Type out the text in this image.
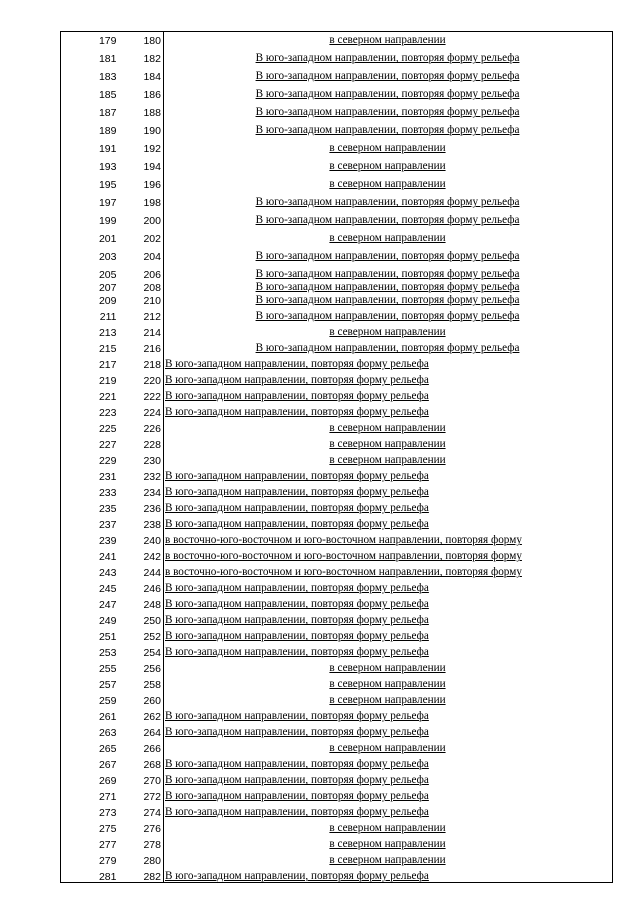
179	180	в северном направлении
181	182	В юго-западном направлении, повторяя форму рельефа
183	184	В юго-западном направлении, повторяя форму рельефа
185	186	В юго-западном направлении, повторяя форму рельефа
187	188	В юго-западном направлении, повторяя форму рельефа
189	190	В юго-западном направлении, повторяя форму рельефа
191	192	в северном направлении
193	194	в северном направлении
195	196	в северном направлении
197	198	В юго-западном направлении, повторяя форму рельефа
199	200	В юго-западном направлении, повторяя форму рельефа
201	202	в северном направлении
203	204	В юго-западном направлении, повторяя форму рельефа
205	206	В юго-западном направлении, повторяя форму рельефа
207	208	В юго-западном направлении, повторяя форму рельефа
209	210	В юго-западном направлении, повторяя форму рельефа
211	212	В юго-западном направлении, повторяя форму рельефа
213	214	в северном направлении
215	216	В юго-западном направлении, повторяя форму рельефа
217	218	В юго-западном направлении, повторяя форму рельефа
219	220	В юго-западном направлении, повторяя форму рельефа
221	222	В юго-западном направлении, повторяя форму рельефа
223	224	В юго-западном направлении, повторяя форму рельефа
225	226	в северном направлении
227	228	в северном направлении
229	230	в северном направлении
231	232	В юго-западном направлении, повторяя форму рельефа
233	234	В юго-западном направлении, повторяя форму рельефа
235	236	В юго-западном направлении, повторяя форму рельефа
237	238	В юго-западном направлении, повторяя форму рельефа
239	240	в восточно-юго-восточном и юго-восточном направлении, повторяя форму
241	242	в восточно-юго-восточном и юго-восточном направлении, повторяя форму
243	244	в восточно-юго-восточном и юго-восточном направлении, повторяя форму
245	246	В юго-западном направлении, повторяя форму рельефа
247	248	В юго-западном направлении, повторяя форму рельефа
249	250	В юго-западном направлении, повторяя форму рельефа
251	252	В юго-западном направлении, повторяя форму рельефа
253	254	В юго-западном направлении, повторяя форму рельефа
255	256	в северном направлении
257	258	в северном направлении
259	260	в северном направлении
261	262	В юго-западном направлении, повторяя форму рельефа
263	264	В юго-западном направлении, повторяя форму рельефа
265	266	в северном направлении
267	268	В юго-западном направлении, повторяя форму рельефа
269	270	В юго-западном направлении, повторяя форму рельефа
271	272	В юго-западном направлении, повторяя форму рельефа
273	274	В юго-западном направлении, повторяя форму рельефа
275	276	в северном направлении
277	278	в северном направлении
279	280	в северном направлении
281	282	В юго-западном направлении, повторяя форму рельефа
